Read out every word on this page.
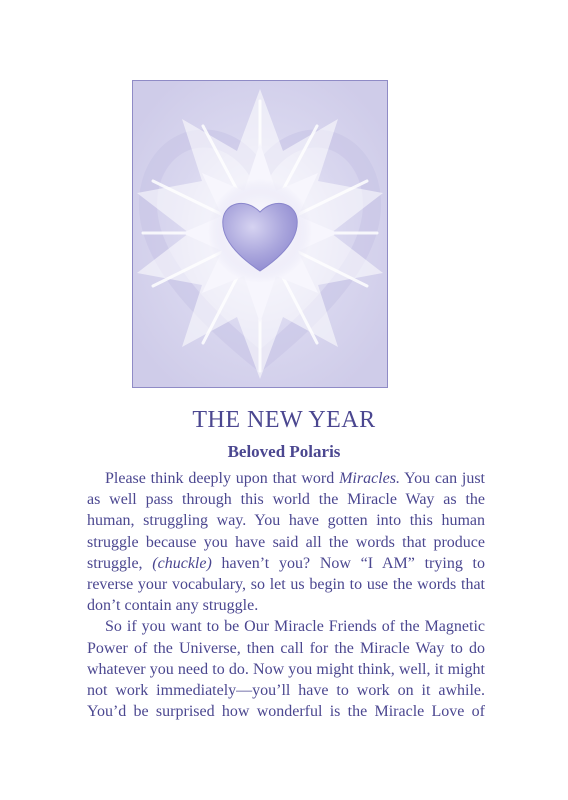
THE NEW YEAR
Beloved Polaris

Please think deeply upon that word Miracles. You can just as well pass through this world the Miracle Way as the human, struggling way. You have gotten into this human struggle because you have said all the words that produce struggle, (chuckle) haven’t you? Now “I AM” trying to reverse your vocabulary, so let us begin to use the words that don’t contain any struggle.

So if you want to be Our Miracle Friends of the Magnetic Power of the Universe, then call for the Miracle Way to do whatever you need to do. Now you might think, well, it might not work immediately—you’ll have to work on it awhile. You’d be surprised how wonderful is the Miracle Love of
